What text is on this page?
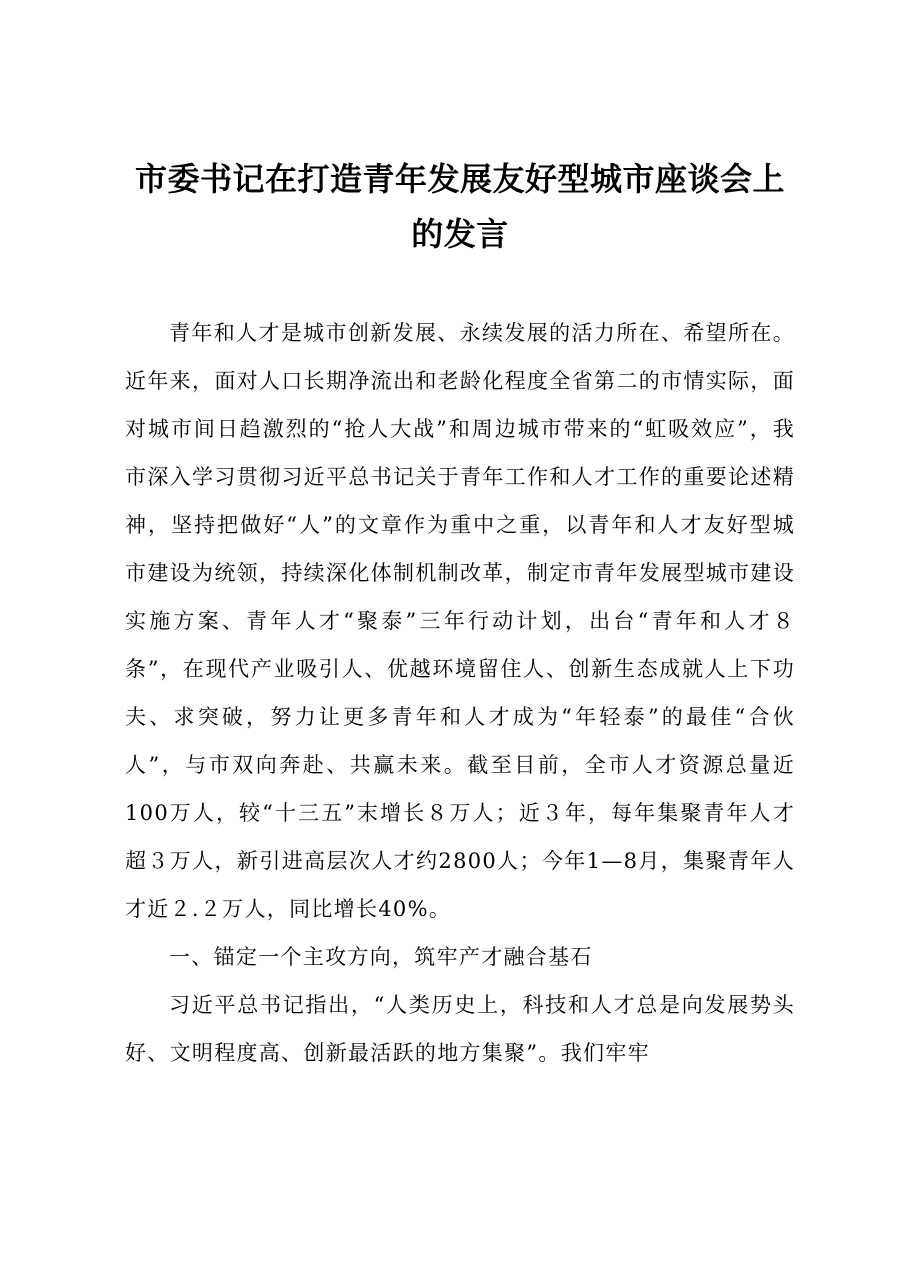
市委书记在打造青年发展友好型城市座谈会上
的发言

青年和人才是城市创新发展、永续发展的活力所在、希望所在。近年来，面对人口长期净流出和老龄化程度全省第二的市情实际，面对城市间日趋激烈的“抢人大战”和周边城市带来的“虹吸效应”，我市深入学习贯彻习近平总书记关于青年工作和人才工作的重要论述精神，坚持把做好“人”的文章作为重中之重，以青年和人才友好型城市建设为统领，持续深化体制机制改革，制定市青年发展型城市建设实施方案、青年人才“聚泰”三年行动计划，出台“青年和人才８条”，在现代产业吸引人、优越环境留住人、创新生态成就人上下功夫、求突破，努力让更多青年和人才成为“年轻泰”的最佳“合伙人”，与市双向奔赴、共赢未来。截至目前，全市人才资源总量近100万人，较“十三五”末增长８万人；近３年，每年集聚青年人才超３万人，新引进高层次人才约2800人；今年1—8月，集聚青年人才近２.２万人，同比增长40%。

一、锚定一个主攻方向，筑牢产才融合基石

习近平总书记指出，“人类历史上，科技和人才总是向发展势头好、文明程度高、创新最活跃的地方集聚”。我们牢牢
